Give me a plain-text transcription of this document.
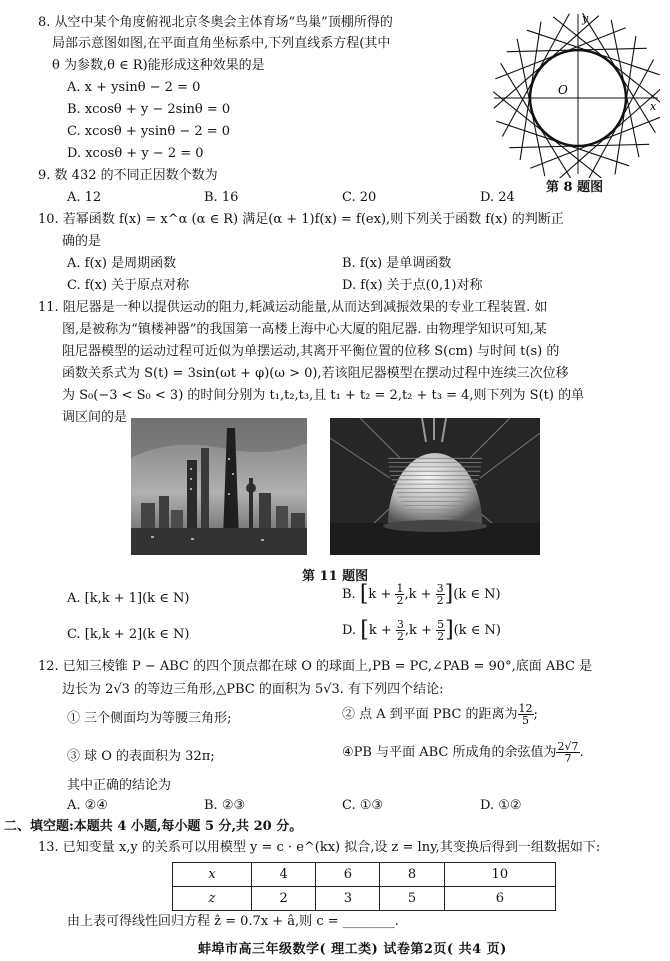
8. 从空中某个角度俯视北京冬奥会主体育场“鸟巢”顶棚所得的
局部示意图如图,在平面直角坐标系中,下列直线系方程(其中
θ 为参数,θ ∈ R)能形成这种效果的是
A. x + ysinθ − 2 = 0
B. xcosθ + y − 2sinθ = 0
C. xcosθ + ysinθ − 2 = 0
D. xcosθ + y − 2 = 0
y
x
O
第 8 题图
9. 数 432 的不同正因数个数为
A. 12	B. 16	C. 20	D. 24
10. 若幂函数 f(x) = x^α (α ∈ R) 满足(α + 1)f(x) = f(ex),则下列关于函数 f(x) 的判断正
确的是
A. f(x) 是周期函数	B. f(x) 是单调函数
C. f(x) 关于原点对称	D. f(x) 关于点(0,1)对称
11. 阻尼器是一种以提供运动的阻力,耗减运动能量,从而达到减振效果的专业工程装置. 如
图,是被称为“镇楼神器”的我国第一高楼上海中心大厦的阻尼器. 由物理学知识可知,某
阻尼器模型的运动过程可近似为单摆运动,其离开平衡位置的位移 S(cm) 与时间 t(s) 的
函数关系式为 S(t) = 3sin(ωt + φ)(ω > 0),若该阻尼器模型在摆动过程中连续三次位移
为 S₀(−3 < S₀ < 3) 的时间分别为 t₁,t₂,t₃,且 t₁ + t₂ = 2,t₂ + t₃ = 4,则下列为 S(t) 的单
调区间的是
第 11 题图
A. [k,k + 1](k ∈ N)	B. $[k + \frac{1}{2} ,k + \frac{3}{2} ](k$ ∈ N)
C. [k,k + 2](k ∈ N)	D. $[k + \frac{3}{2} ,k + \frac{5}{2} ](k$ ∈ N)
12. 已知三棱锥 P − ABC 的四个顶点都在球 O 的球面上,PB = PC,∠PAB = 90°,底面 ABC 是
边长为 2√3 的等边三角形,△PBC 的面积为 5√3. 有下列四个结论:
① 三个侧面均为等腰三角形;	② 点 A 到平面 PBC 的距离为 $\frac{12}{5}$ ;
③ 球 O 的表面积为 32π;	④PB 与平面 ABC 所成角的余弦值为 $\frac{2√7}{7}$ .
其中正确的结论为
A. ②④	B. ②③	C. ①③	D. ①②
二、填空题:本题共 4 小题,每小题 5 分,共 20 分。
13. 已知变量 x,y 的关系可以用模型 y = c · e^(kx) 拟合,设 z = lny,其变换后得到一组数据如下:
x	4	6	8	10
z	2	3	5	6
由上表可得线性回归方程 ẑ = 0.7x + â,则 c = ________.
蚌埠市高三年级数学( 理工类) 试卷第2页( 共4 页)
